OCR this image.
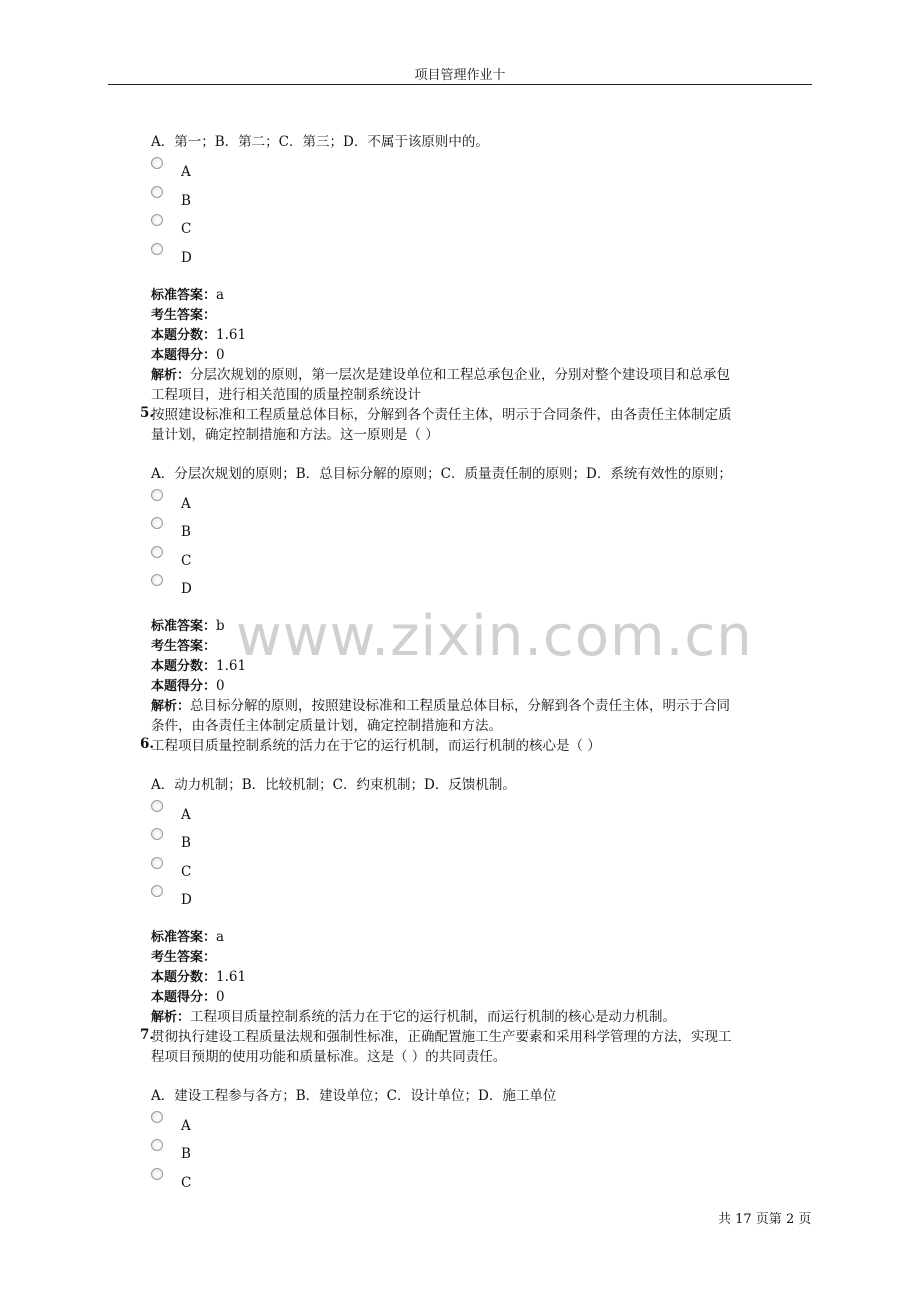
项目管理作业十
www.zixin.com.cn
A．第一；B．第二；C．第三；D．不属于该原则中的。
A
B
C
D
标准答案：a
考生答案：
本题分数：1.61
本题得分：0
解析：分层次规划的原则，第一层次是建设单位和工程总承包企业，分别对整个建设项目和总承包
工程项目，进行相关范围的质量控制系统设计
5.
按照建设标准和工程质量总体目标，分解到各个责任主体，明示于合同条件，由各责任主体制定质
量计划，确定控制措施和方法。这一原则是（ ）
A．分层次规划的原则；B．总目标分解的原则；C．质量责任制的原则；D．系统有效性的原则；
A
B
C
D
标准答案：b
考生答案：
本题分数：1.61
本题得分：0
解析：总目标分解的原则，按照建设标准和工程质量总体目标，分解到各个责任主体，明示于合同
条件，由各责任主体制定质量计划，确定控制措施和方法。
6.
工程项目质量控制系统的活力在于它的运行机制，而运行机制的核心是（ ）
A．动力机制；B．比较机制；C．约束机制；D．反馈机制。
A
B
C
D
标准答案：a
考生答案：
本题分数：1.61
本题得分：0
解析：工程项目质量控制系统的活力在于它的运行机制，而运行机制的核心是动力机制。
7.
贯彻执行建设工程质量法规和强制性标准，正确配置施工生产要素和采用科学管理的方法，实现工
程项目预期的使用功能和质量标准。这是（ ）的共同责任。
A．建设工程参与各方；B．建设单位；C．设计单位；D．施工单位
A
B
C
共 17 页第 2 页
